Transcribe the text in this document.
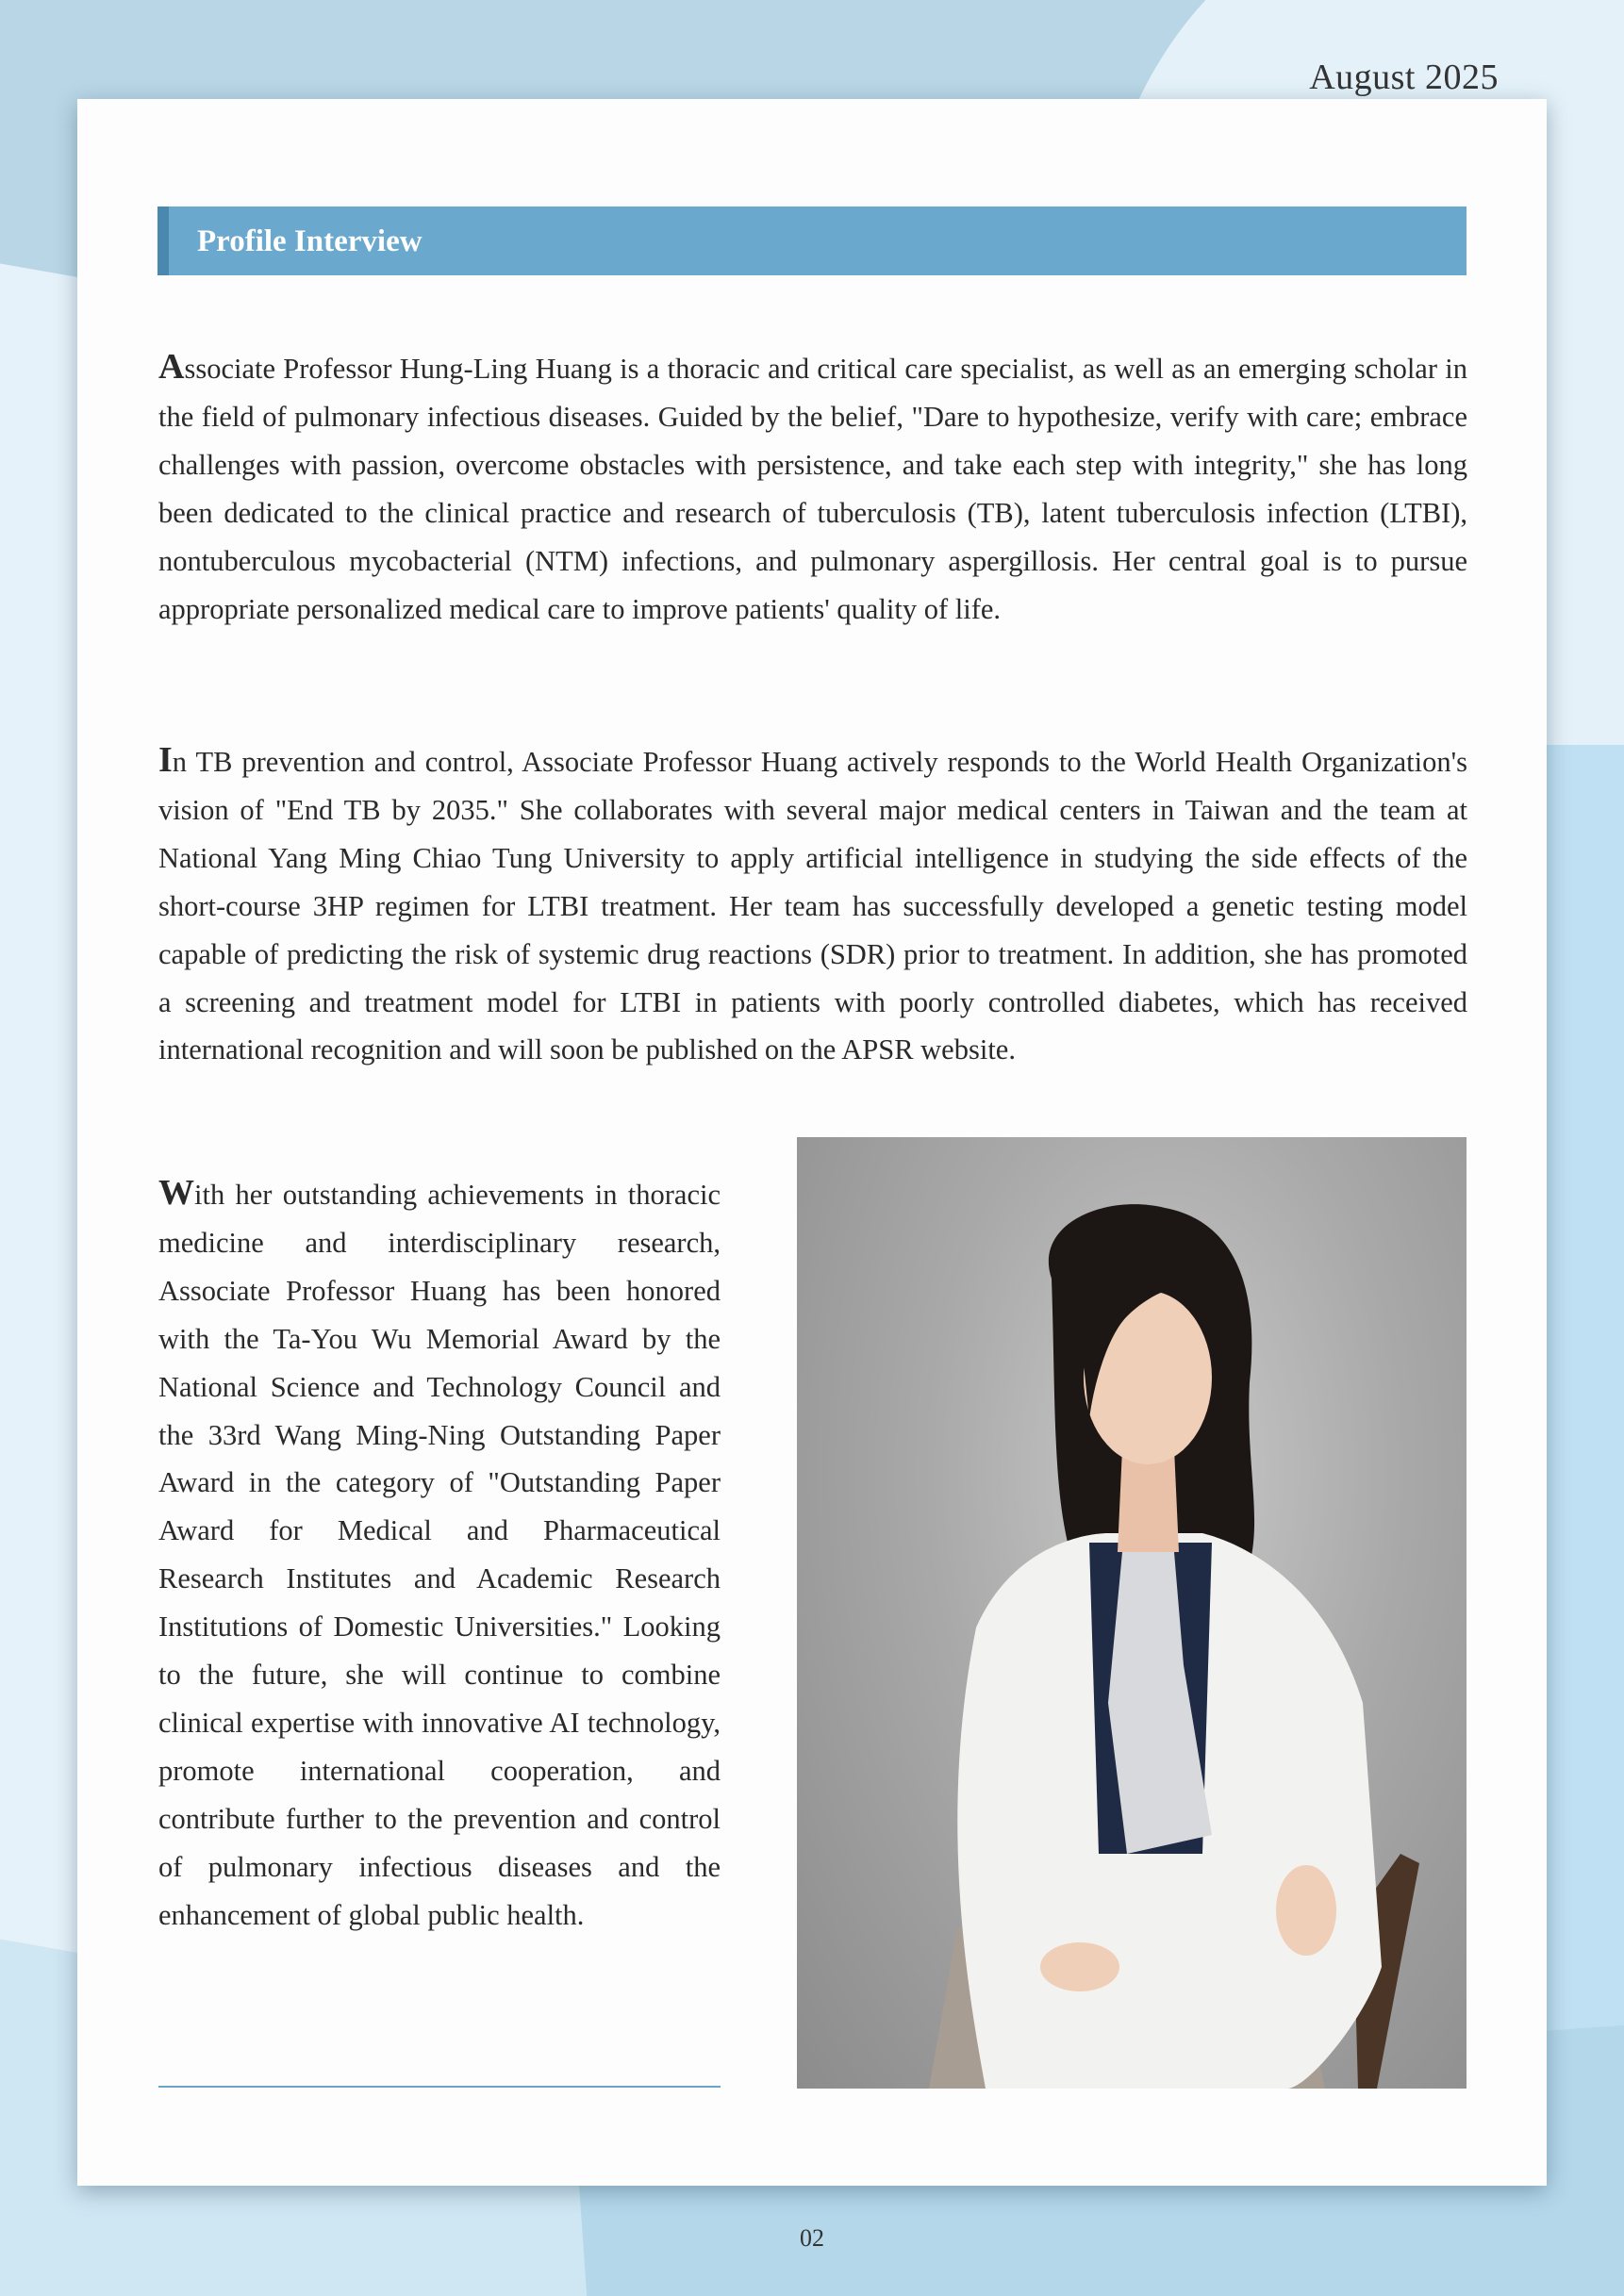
August 2025
Profile Interview

Associate Professor Hung-Ling Huang is a thoracic and critical care specialist, as well as an emerging scholar in the field of pulmonary infectious diseases. Guided by the belief, "Dare to hypothesize, verify with care; embrace challenges with passion, overcome obstacles with persistence, and take each step with integrity," she has long been dedicated to the clinical practice and research of tuberculosis (TB), latent tuberculosis infection (LTBI), nontuberculous mycobacterial (NTM) infections, and pulmonary aspergillosis. Her central goal is to pursue appropriate personalized medical care to improve patients' quality of life.

In TB prevention and control, Associate Professor Huang actively responds to the World Health Organization's vision of "End TB by 2035." She collaborates with several major medical centers in Taiwan and the team at National Yang Ming Chiao Tung University to apply artificial intelligence in studying the side effects of the short-course 3HP regimen for LTBI treatment. Her team has successfully developed a genetic testing model capable of predicting the risk of systemic drug reactions (SDR) prior to treatment. In addition, she has promoted a screening and treatment model for LTBI in patients with poorly controlled diabetes, which has received international recognition and will soon be published on the APSR website.

With her outstanding achievements in thoracic medicine and interdisciplinary research, Associate Professor Huang has been honored with the Ta-You Wu Memorial Award by the National Science and Technology Council and the 33rd Wang Ming-Ning Outstanding Paper Award in the category of "Outstanding Paper Award for Medical and Pharmaceutical Research Institutes and Academic Research Institutions of Domestic Universities." Looking to the future, she will continue to combine clinical expertise with innovative AI technology, promote international cooperation, and contribute further to the prevention and control of pulmonary infectious diseases and the enhancement of global public health.

02
